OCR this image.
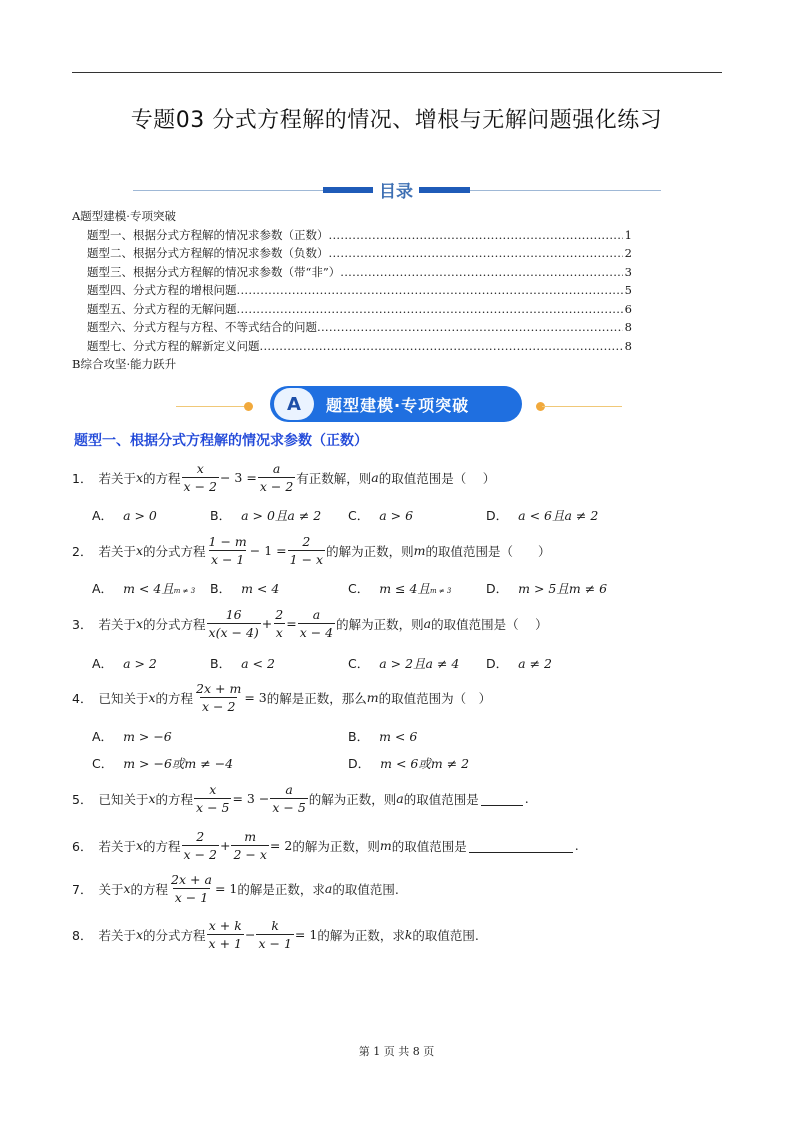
专题03 分式方程解的情况、增根与无解问题强化练习
目录
A题型建模·专项突破
题型一、根据分式方程解的情况求参数（正数） .....	1
题型二、根据分式方程解的情况求参数（负数） .....	2
题型三、根据分式方程解的情况求参数（带“非”） .....	3
题型四、分式方程的增根问题 .....	5
题型五、分式方程的无解问题 .....	6
题型六、分式方程与方程、不等式结合的问题 .....	8
题型七、分式方程的解新定义问题 .....	8
B综合攻坚·能力跃升
A	题型建模·专项突破
题型一、根据分式方程解的情况求参数（正数）
1． 若关于 x 的方程 $\frac{x}{x - 2} - 3 = \frac{a}{x - 2}$ 有正数解，则 a 的取值范围是（　 ）
A． a > 0	B． a > 0且a ≠ 2 C． a > 6	D． a < 6且a ≠ 2
2． 若关于 x 的分式方程 $\frac{1 - m}{x - 1} - 1 = \frac{2}{1 - x}$ 的解为正数，则 m 的取值范围是（　　）
A． m < 4且m ≠ 3 B． m < 4	C． m ≤ 4且m ≠ 3	D． m > 5且m ≠ 6
3． 若关于 x 的分式方程 $\frac{16}{x(x - 4)} + \frac{2}{x} = \frac{a}{x - 4}$ 的解为正数，则 a 的取值范围是（　 ）
A． a > 2	B． a < 2	C． a > 2且a ≠ 4 D． a ≠ 2
4． 已知关于 x 的方程 $\frac{2x + m}{x - 2} = 3$ 的解是正数，那么 m 的取值范围为（　）
A． m > −6	B． m < 6
C． m > −6或m ≠ −4	D． m < 6或m ≠ 2
5． 已知关于 x 的方程 $\frac{x}{x - 5} = 3 - \frac{a}{x - 5}$ 的解为正数，则 a 的取值范围是	.
6． 若关于 x 的方程 $\frac{2}{x - 2} + \frac{m}{2 - x} = 2$ 的解为正数，则 m 的取值范围是	.
7． 关于 x 的方程 $\frac{2x + a}{x - 1} = 1$ 的解是正数，求 a 的取值范围.
8． 若关于 x 的分式方程 $\frac{x + k}{x + 1} - \frac{k}{x - 1} = 1$ 的解为正数，求 k 的取值范围.
第 1 页 共 8 页
